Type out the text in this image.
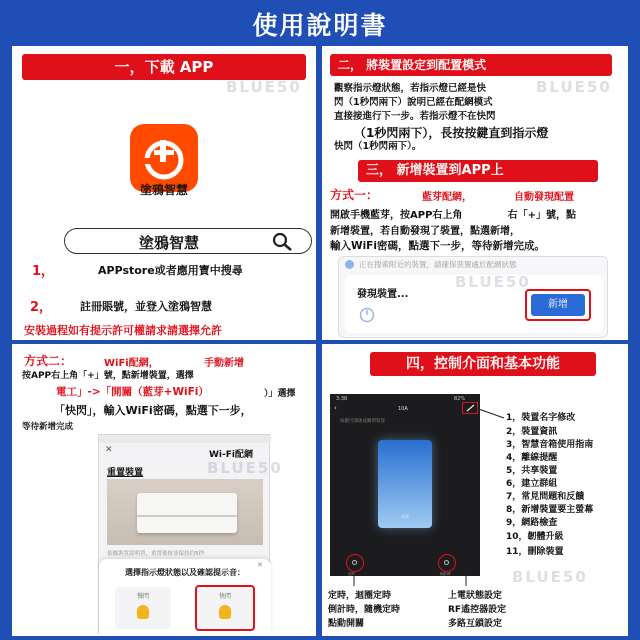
使用說明書
一，下載 APP
BLUE50
塗鴉智慧
塗鴉智慧
1，	APPstore或者應用寶中搜尋
2，	註冊賬號，並登入塗鴉智慧
安裝過程如有提示許可權請求請選擇允許
二， 將裝置設定到配置模式
BLUE50
觀察指示燈狀態，若指示燈已經是快
閃（1秒閃兩下）說明已經在配網模式
直接接進行下一步。若指示燈不在快閃
（1秒閃兩下），長按按鍵直到指示燈
快閃（1秒閃兩下）。
三， 新增裝置到APP上
方式一：	藍芽配網，	自動發現配置
開啟手機藍芽，按APP右上角             右「+」號，點
新增裝置，若自動發現了裝置，點選新增，
輸入WiFi密碼，點選下一步，等待新增完成。
正在搜索附近的裝置，請確保裝置處於配網狀態
BLUE50
發現裝置...
新增
方式二：	WiFi配網，	手動新增
按APP右上角「+」號，點新增裝置，選擇
電工」->「開關（藍芽+WiFi）	）」選擇
「快閃」，輸入WiFi密碼，點選下一步，
等待新增完成
✕	Wi-Fi配網
BLUE50
重置裝置
依據裝置說明書，重置後按並保持約5秒
✕
選擇指示燈狀態以及確認提示音：
慢閃	快閃
四，控制介面和基本功能
3:38	82%
‹	10A
按鍵可開啟或關閉裝置
開關
定時	倒計時
1，裝置名字修改
2，裝置資訊
3，智慧音箱使用指南
4，離線提醒
5，共享裝置
6，建立群組
7，常見問題和反饋
8，新增裝置要主螢幕
9，網路檢查
10，韌體升級
11，刪除裝置
BLUE50
定時，迴圈定時
倒計時，隨機定時
點動開關
上電狀態設定
RF遙控器設定
多路互鎖設定
